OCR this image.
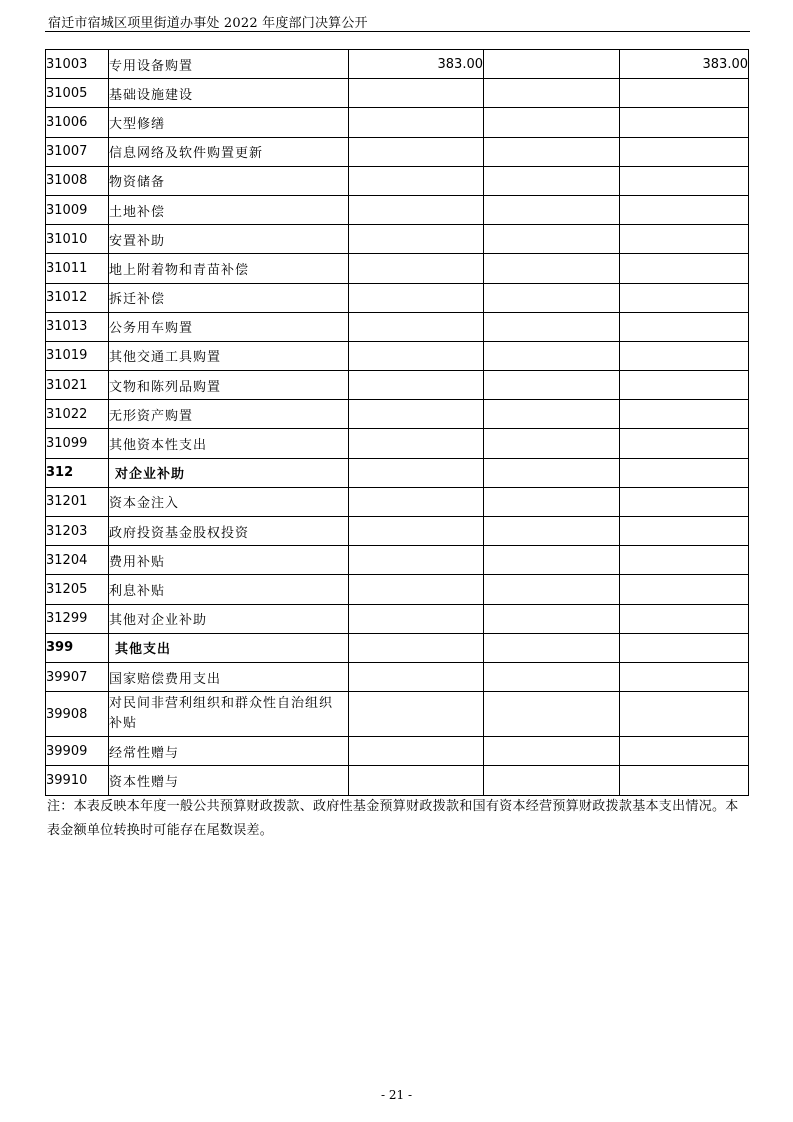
宿迁市宿城区项里街道办事处 2022 年度部门决算公开
31003	专用设备购置	383.00		383.00
31005	基础设施建设			
31006	大型修缮			
31007	信息网络及软件购置更新			
31008	物资储备			
31009	土地补偿			
31010	安置补助			
31011	地上附着物和青苗补偿			
31012	拆迁补偿			
31013	公务用车购置			
31019	其他交通工具购置			
31021	文物和陈列品购置			
31022	无形资产购置			
31099	其他资本性支出			
312	对企业补助			
31201	资本金注入			
31203	政府投资基金股权投资			
31204	费用补贴			
31205	利息补贴			
31299	其他对企业补助			
399	其他支出			
39907	国家赔偿费用支出			
39908	对民间非营利组织和群众性自治组织补贴			
39909	经常性赠与			
39910	资本性赠与			
注：本表反映本年度一般公共预算财政拨款、政府性基金预算财政拨款和国有资本经营预算财政拨款基本支出情况。本表金额单位转换时可能存在尾数误差。
- 21 -
